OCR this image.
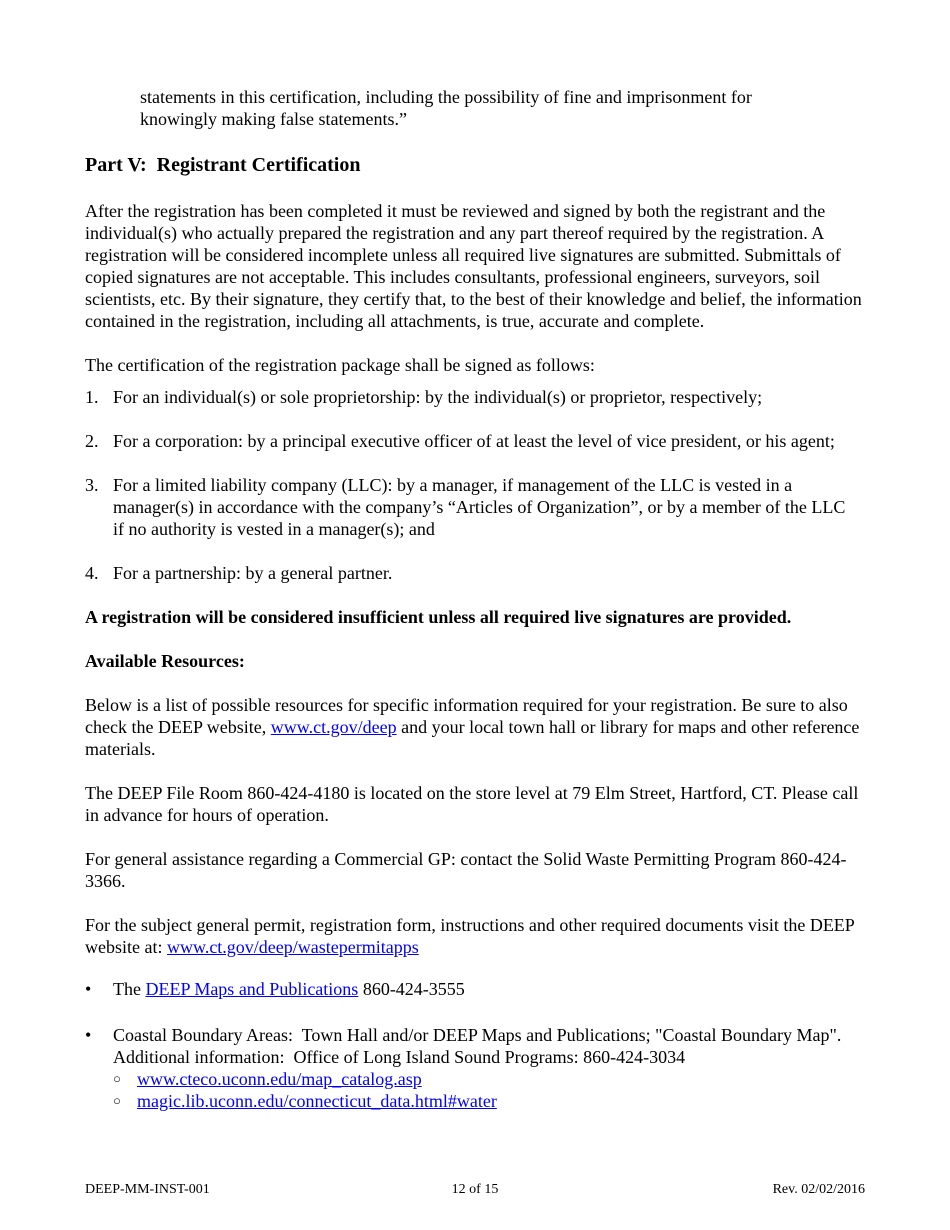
statements in this certification, including the possibility of fine and imprisonment for knowingly making false statements.”

Part V:  Registrant Certification

After the registration has been completed it must be reviewed and signed by both the registrant and the individual(s) who actually prepared the registration and any part thereof required by the registration. A registration will be considered incomplete unless all required live signatures are submitted. Submittals of copied signatures are not acceptable. This includes consultants, professional engineers, surveyors, soil scientists, etc. By their signature, they certify that, to the best of their knowledge and belief, the information contained in the registration, including all attachments, is true, accurate and complete.

The certification of the registration package shall be signed as follows:

1. For an individual(s) or sole proprietorship: by the individual(s) or proprietor, respectively;
2. For a corporation: by a principal executive officer of at least the level of vice president, or his agent;
3. For a limited liability company (LLC): by a manager, if management of the LLC is vested in a manager(s) in accordance with the company’s “Articles of Organization”, or by a member of the LLC if no authority is vested in a manager(s); and
4. For a partnership: by a general partner.

A registration will be considered insufficient unless all required live signatures are provided.

Available Resources:

Below is a list of possible resources for specific information required for your registration. Be sure to also check the DEEP website, www.ct.gov/deep and your local town hall or library for maps and other reference materials.

The DEEP File Room 860-424-4180 is located on the store level at 79 Elm Street, Hartford, CT. Please call in advance for hours of operation.

For general assistance regarding a Commercial GP: contact the Solid Waste Permitting Program 860-424-3366.

For the subject general permit, registration form, instructions and other required documents visit the DEEP website at: www.ct.gov/deep/wastepermitapps

•	The DEEP Maps and Publications 860-424-3555
•	Coastal Boundary Areas:  Town Hall and/or DEEP Maps and Publications; "Coastal Boundary Map". Additional information:  Office of Long Island Sound Programs: 860-424-3034
○ www.cteco.uconn.edu/map_catalog.asp
○ magic.lib.uconn.edu/connecticut_data.html#water
DEEP-MM-INST-001	12 of 15	Rev. 02/02/2016
